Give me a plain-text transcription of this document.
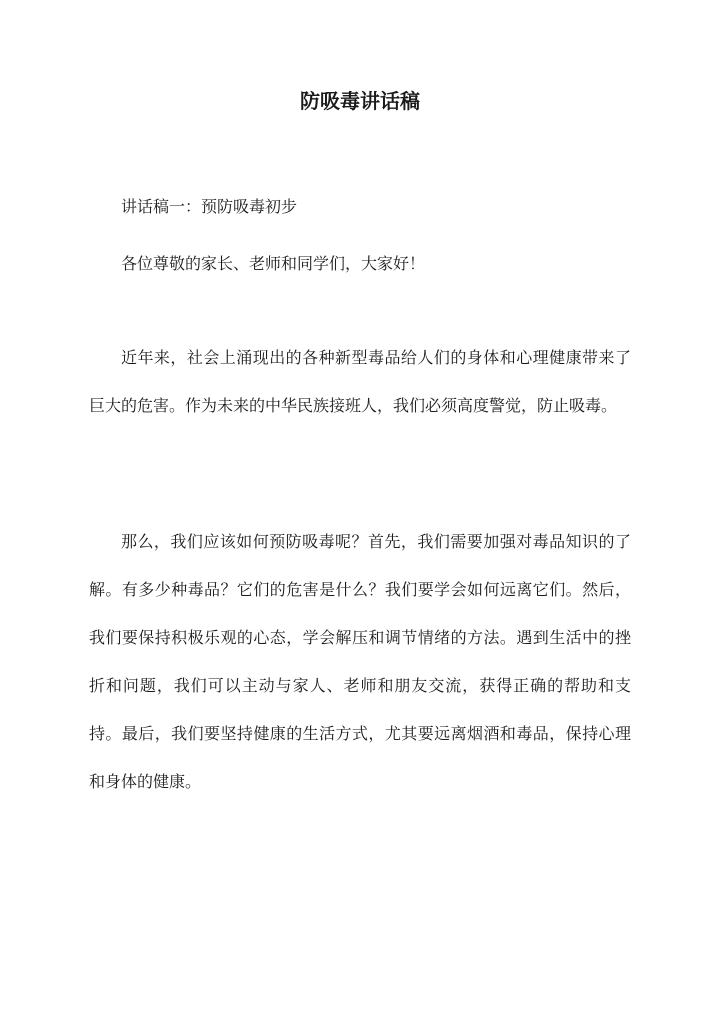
防吸毒讲话稿
讲话稿一：预防吸毒初步
各位尊敬的家长、老师和同学们，大家好！

近年来，社会上涌现出的各种新型毒品给人们的身体和心理健康带来了巨大的危害。作为未来的中华民族接班人，我们必须高度警觉，防止吸毒。

那么，我们应该如何预防吸毒呢？首先，我们需要加强对毒品知识的了解。有多少种毒品？它们的危害是什么？我们要学会如何远离它们。然后，我们要保持积极乐观的心态，学会解压和调节情绪的方法。遇到生活中的挫折和问题，我们可以主动与家人、老师和朋友交流，获得正确的帮助和支持。最后，我们要坚持健康的生活方式，尤其要远离烟酒和毒品，保持心理和身体的健康。
